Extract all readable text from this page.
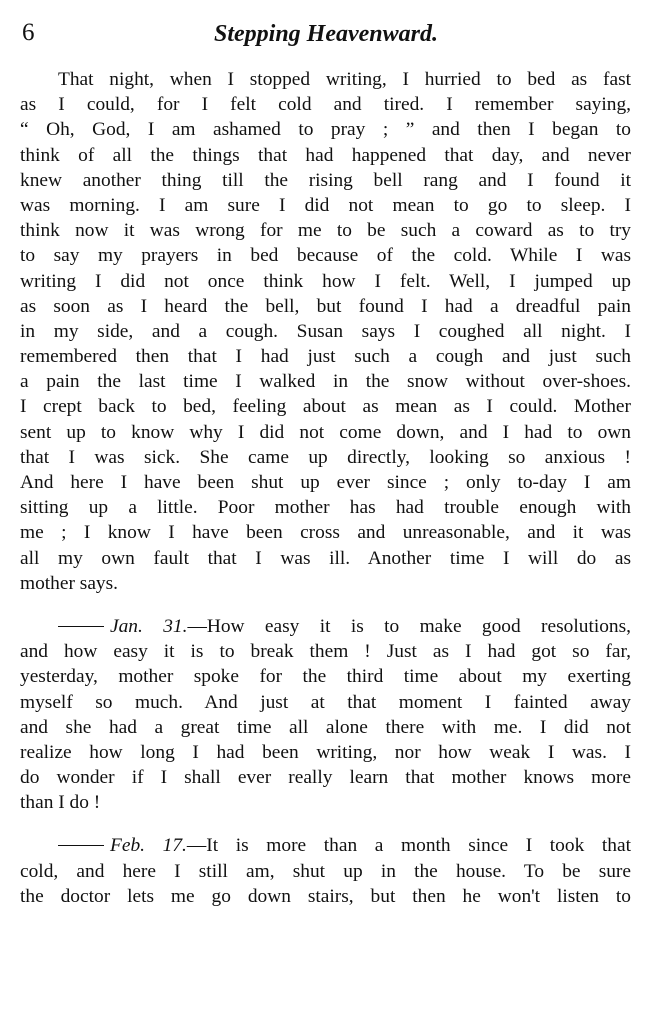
6	Stepping Heavenward.
That night, when I stopped writing, I hurried to bed as fast
as I could, for I felt cold and tired. I remember saying,
“ Oh, God, I am ashamed to pray ; ” and then I began to
think of all the things that had happened that day, and never
knew another thing till the rising bell rang and I found it
was morning. I am sure I did not mean to go to sleep. I
think now it was wrong for me to be such a coward as to try
to say my prayers in bed because of the cold. While I was
writing I did not once think how I felt. Well, I jumped up
as soon as I heard the bell, but found I had a dreadful pain
in my side, and a cough. Susan says I coughed all night. I
remembered then that I had just such a cough and just such
a pain the last time I walked in the snow without over-shoes.
I crept back to bed, feeling about as mean as I could. Mother
sent up to know why I did not come down, and I had to own
that I was sick. She came up directly, looking so anxious !
And here I have been shut up ever since ; only to-day I am
sitting up a little. Poor mother has had trouble enough with
me ; I know I have been cross and unreasonable, and it was
all my own fault that I was ill. Another time I will do as
mother says.
Jan. 31.—How easy it is to make good resolutions,
and how easy it is to break them ! Just as I had got so far,
yesterday, mother spoke for the third time about my exerting
myself so much. And just at that moment I fainted away
and she had a great time all alone there with me. I did not
realize how long I had been writing, nor how weak I was. I
do wonder if I shall ever really learn that mother knows more
than I do !
Feb. 17.—It is more than a month since I took that
cold, and here I still am, shut up in the house. To be sure
the doctor lets me go down stairs, but then he won't listen to
